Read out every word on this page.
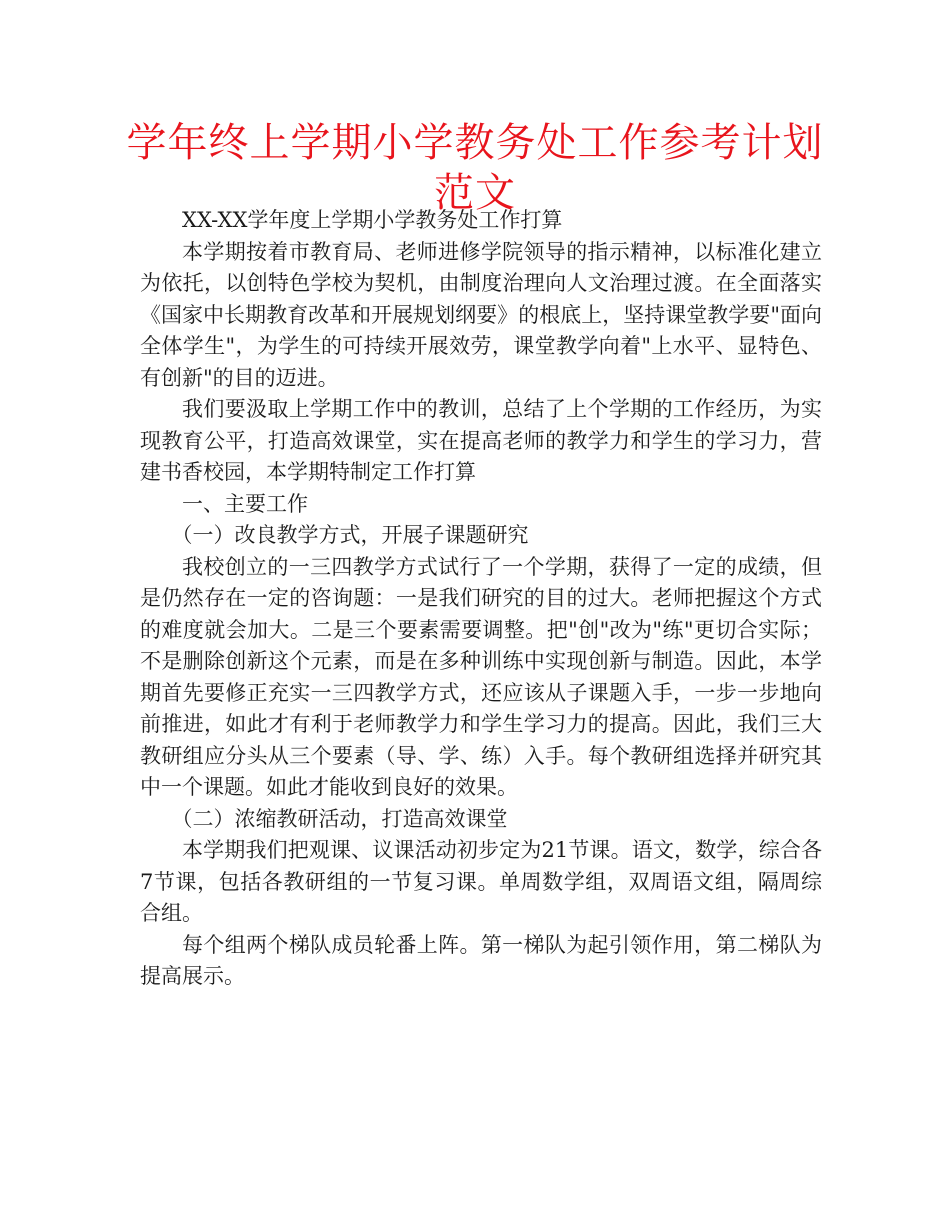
学年终上学期小学教务处工作参考计划范文

XX-XX学年度上学期小学教务处工作打算

本学期按着市教育局、老师进修学院领导的指示精神，以标准化建立为依托，以创特色学校为契机，由制度治理向人文治理过渡。在全面落实《国家中长期教育改革和开展规划纲要》的根底上，坚持课堂教学要"面向全体学生"，为学生的可持续开展效劳，课堂教学向着"上水平、显特色、有创新"的目的迈进。

我们要汲取上学期工作中的教训，总结了上个学期的工作经历，为实现教育公平，打造高效课堂，实在提高老师的教学力和学生的学习力，营建书香校园，本学期特制定工作打算

一、主要工作

（一）改良教学方式，开展子课题研究

我校创立的一三四教学方式试行了一个学期，获得了一定的成绩，但是仍然存在一定的咨询题：一是我们研究的目的过大。老师把握这个方式的难度就会加大。二是三个要素需要调整。把"创"改为"练"更切合实际；不是删除创新这个元素，而是在多种训练中实现创新与制造。因此，本学期首先要修正充实一三四教学方式，还应该从子课题入手，一步一步地向前推进，如此才有利于老师教学力和学生学习力的提高。因此，我们三大教研组应分头从三个要素（导、学、练）入手。每个教研组选择并研究其中一个课题。如此才能收到良好的效果。

（二）浓缩教研活动，打造高效课堂

本学期我们把观课、议课活动初步定为21节课。语文，数学，综合各7节课，包括各教研组的一节复习课。单周数学组，双周语文组，隔周综合组。

每个组两个梯队成员轮番上阵。第一梯队为起引领作用，第二梯队为提高展示。
